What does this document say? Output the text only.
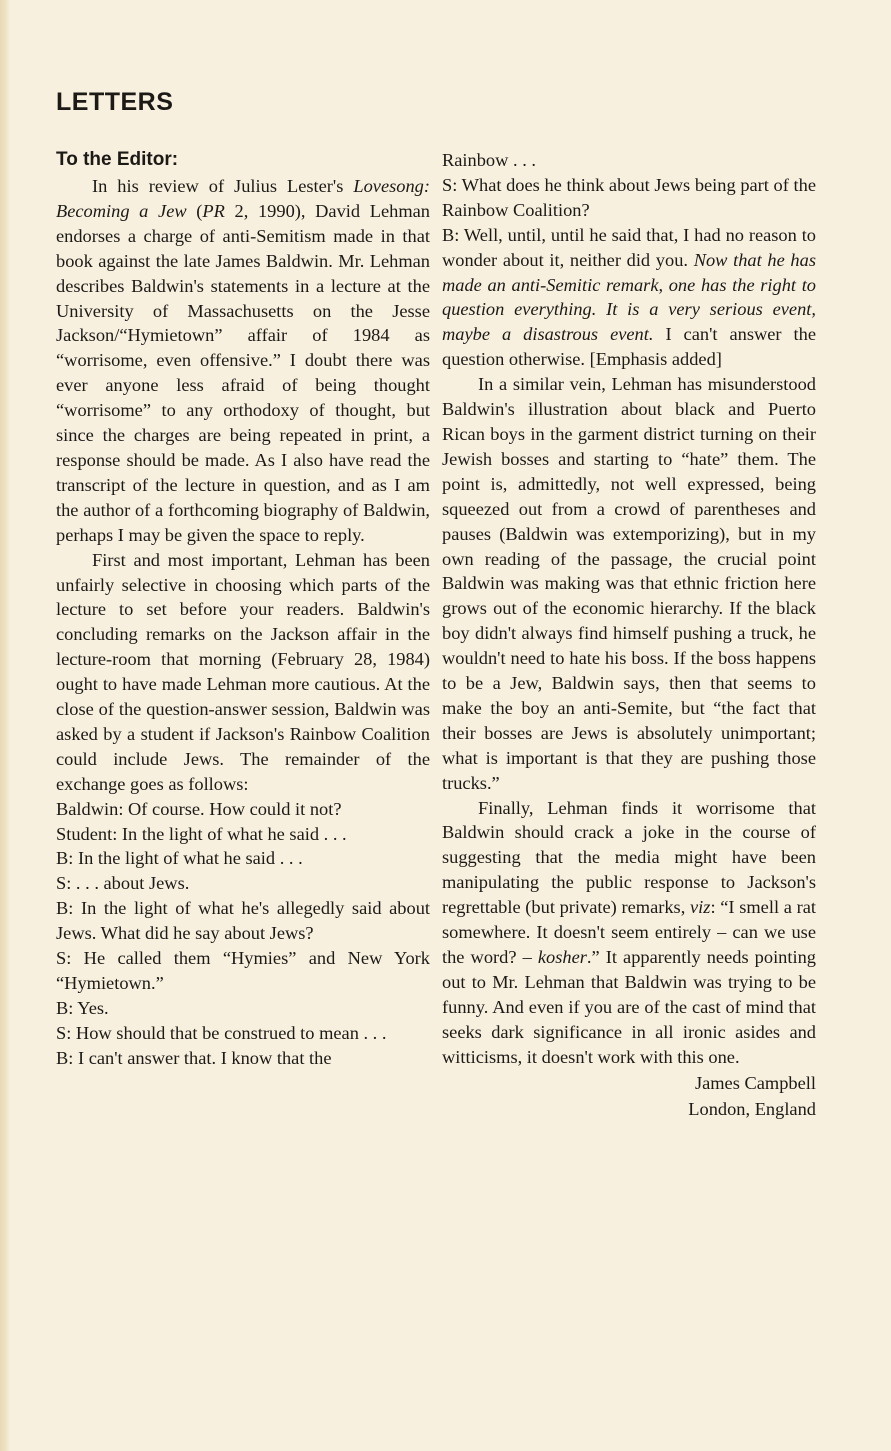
LETTERS
To the Editor:

In his review of Julius Lester's Lovesong: Becoming a Jew (PR 2, 1990), David Lehman endorses a charge of anti-Semitism made in that book against the late James Baldwin. Mr. Lehman describes Baldwin's statements in a lecture at the University of Massachusetts on the Jesse Jackson/“Hymietown” affair of 1984 as “worrisome, even offensive.” I doubt there was ever anyone less afraid of being thought “worrisome” to any orthodoxy of thought, but since the charges are being repeated in print, a response should be made. As I also have read the transcript of the lecture in question, and as I am the author of a forthcoming biography of Baldwin, perhaps I may be given the space to reply.

First and most important, Lehman has been unfairly selective in choosing which parts of the lecture to set before your readers. Baldwin's concluding remarks on the Jackson affair in the lecture-room that morning (February 28, 1984) ought to have made Lehman more cautious. At the close of the question-answer session, Baldwin was asked by a student if Jackson's Rainbow Coalition could include Jews. The remainder of the exchange goes as follows:

Baldwin: Of course. How could it not?

Student: In the light of what he said . . .

B: In the light of what he said . . .

S: . . . about Jews.

B: In the light of what he's allegedly said about Jews. What did he say about Jews?

S: He called them “Hymies” and New York “Hymietown.”

B: Yes.

S: How should that be construed to mean . . .

B: I can't answer that. I know that the

Rainbow . . .

S: What does he think about Jews being part of the Rainbow Coalition?

B: Well, until, until he said that, I had no reason to wonder about it, neither did you. Now that he has made an anti-Semitic remark, one has the right to question everything. It is a very serious event, maybe a disastrous event. I can't answer the question otherwise. [Emphasis added]

In a similar vein, Lehman has misunderstood Baldwin's illustration about black and Puerto Rican boys in the garment district turning on their Jewish bosses and starting to “hate” them. The point is, admittedly, not well expressed, being squeezed out from a crowd of parentheses and pauses (Baldwin was extemporizing), but in my own reading of the passage, the crucial point Baldwin was making was that ethnic friction here grows out of the economic hierarchy. If the black boy didn't always find himself pushing a truck, he wouldn't need to hate his boss. If the boss happens to be a Jew, Baldwin says, then that seems to make the boy an anti-Semite, but “the fact that their bosses are Jews is absolutely unimportant; what is important is that they are pushing those trucks.”

Finally, Lehman finds it worrisome that Baldwin should crack a joke in the course of suggesting that the media might have been manipulating the public response to Jackson's regrettable (but private) remarks, viz: “I smell a rat somewhere. It doesn't seem entirely – can we use the word? – kosher.” It apparently needs pointing out to Mr. Lehman that Baldwin was trying to be funny. And even if you are of the cast of mind that seeks dark significance in all ironic asides and witticisms, it doesn't work with this one.

James Campbell
London, England
